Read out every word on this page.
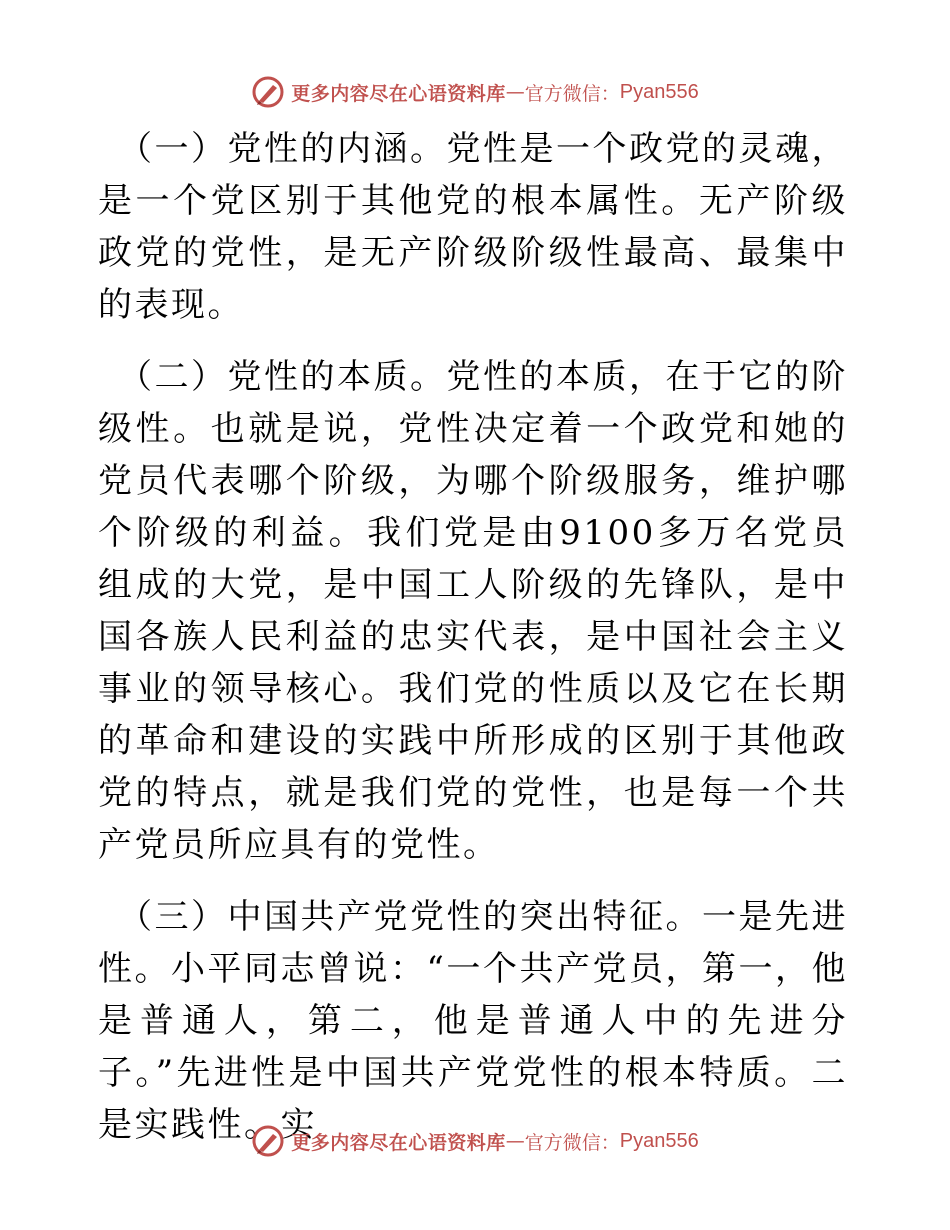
更多内容尽在心语资料库 — 官方微信： Pyan556

（一）党性的内涵。党性是一个政党的灵魂，是一个党区别于其他党的根本属性。无产阶级政党的党性，是无产阶级阶级性最高、最集中的表现。

（二）党性的本质。党性的本质，在于它的阶级性。也就是说，党性决定着一个政党和她的党员代表哪个阶级，为哪个阶级服务，维护哪个阶级的利益。我们党是由9100多万名党员组成的大党，是中国工人阶级的先锋队，是中国各族人民利益的忠实代表，是中国社会主义事业的领导核心。我们党的性质以及它在长期的革命和建设的实践中所形成的区别于其他政党的特点，就是我们党的党性，也是每一个共产党员所应具有的党性。

（三）中国共产党党性的突出特征。一是先进性。小平同志曾说：“一个共产党员，第一，他是普通人，第二，他是普通人中的先进分子。”先进性是中国共产党党性的根本特质。二是实践性。实

更多内容尽在心语资料库 — 官方微信： Pyan556
